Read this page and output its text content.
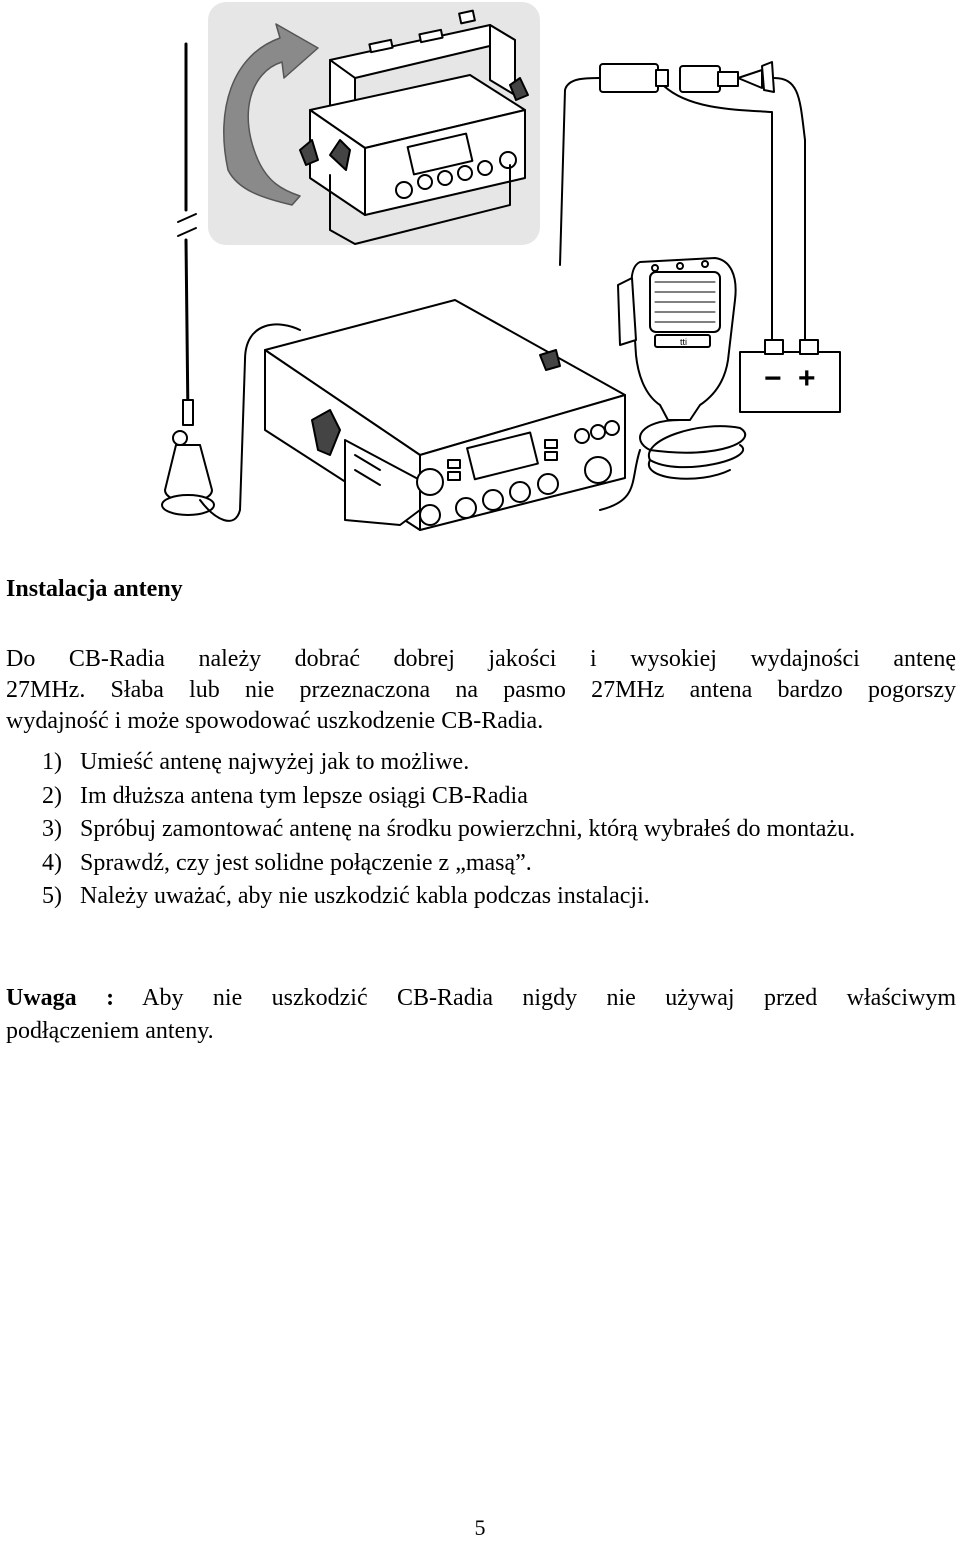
tti
− +
Instalacja anteny
Do CB-Radia należy dobrać dobrej jakości i wysokiej wydajności antenę
27MHz. Słaba lub nie przeznaczona na pasmo 27MHz antena bardzo pogorszy
wydajność i może spowodować uszkodzenie CB-Radia.
1) Umieść antenę najwyżej jak to możliwe.
2) Im dłuższa antena tym lepsze osiągi CB-Radia
3) Spróbuj zamontować antenę na środku powierzchni, którą wybrałeś do montażu.
4) Sprawdź, czy jest solidne połączenie z „masą”.
5) Należy uważać, aby nie uszkodzić kabla podczas instalacji.
Uwaga : Aby nie uszkodzić CB-Radia nigdy nie używaj przed właściwym
podłączeniem anteny.
5
